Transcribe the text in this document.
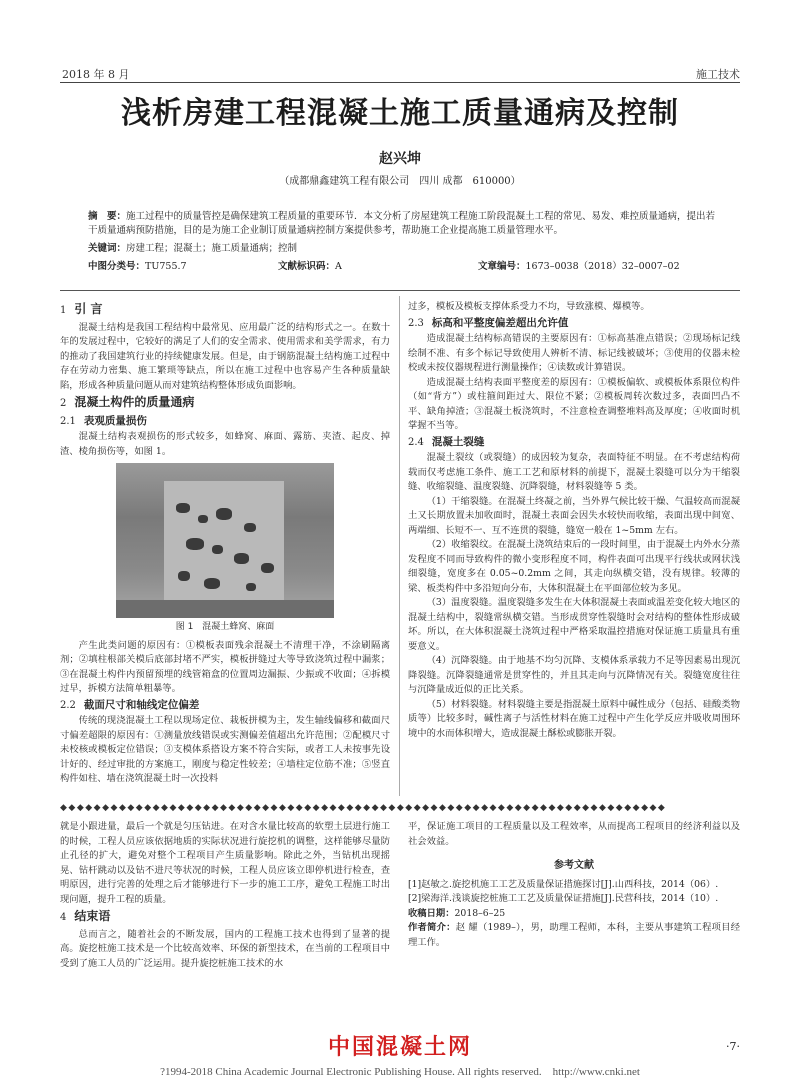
2018 年 8 月	施工技术
浅析房建工程混凝土施工质量通病及控制
赵兴坤
（成都鼎鑫建筑工程有限公司　四川 成都　610000）
摘　要：施工过程中的质量管控是确保建筑工程质量的重要环节．本文分析了房屋建筑工程施工阶段混凝土工程的常见、易发、难控质量通病，提出若干质量通病预防措施，目的是为施工企业制订质量通病控制方案提供参考，帮助施工企业提高施工质量管理水平。
关键词：房建工程；混凝土；施工质量通病；控制
中图分类号：TU755.7	文献标识码：A	文章编号：1673–0038（2018）32–0007–02
1 引 言

混凝土结构是我国工程结构中最常见、应用最广泛的结构形式之一。在数十年的发展过程中，它较好的满足了人们的安全需求、使用需求和美学需求，有力的推动了我国建筑行业的持续健康发展。但是，由于钢筋混凝土结构施工过程中存在劳动力密集、施工繁琐等缺点，所以在施工过程中也容易产生各种质量缺陷，形成各种质量问题从而对建筑结构整体形成负面影响。

2 混凝土构件的质量通病
2.1 表观质量损伤

混凝土结构表观损伤的形式较多，如蜂窝、麻面、露筋、夹渣、起皮、掉渣、棱角损伤等，如图 1。

图 1　混凝土蜂窝、麻面

产生此类问题的原因有：①模板表面残余混凝土不清理干净，不涂刷隔离剂；②填柱根部关模后底部封堵不严实，模板拼缝过大等导致浇筑过程中漏浆；③在混凝土构件内预留预埋的线管箱盒的位置周边漏振、少振或不收面；④拆模过早，拆模方法简单粗暴等。

2.2 截面尺寸和轴线定位偏差

传统的现浇混凝土工程以现场定位、栽板拼模为主，发生轴线偏移和截面尺寸偏差超限的原因有：①测量放线错误或实测偏差值超出允许范围；②配模尺寸未校核或模板定位错误；③支模体系搭设方案不符合实际，或者工人未按事先设计好的、经过审批的方案施工，刚度与稳定性较差；④墙柱定位筋不准；⑤竖直构件如柱、墙在浇筑混凝土时一次投料

过多，模板及模板支撑体系受力不均，导致涨模、爆模等。

2.3 标高和平整度偏差超出允许值

造成混凝土结构标高错误的主要原因有：①标高基准点错误；②现场标记线绘制不准、有多个标记导致使用人辨析不清、标记线被破坏；③使用的仪器未检校或未按仪器规程进行测量操作；④读数或计算错误。

造成混凝土结构表面平整度差的原因有：①模板偏软、或模板体系限位构件（如“背方”）或柱箍间距过大、限位不紧；②模板周转次数过多，表面凹凸不平、缺角掉渣；③混凝土板浇筑时，不注意检查调整堆料高及厚度；④收面时机掌握不当等。

2.4 混凝土裂缝

混凝土裂纹（或裂缝）的成因较为复杂，表面特征不明显。在不考虑结构荷载而仅考虑施工条件、施工工艺和原材料的前提下，混凝土裂缝可以分为干缩裂缝、收缩裂缝、温度裂缝、沉降裂缝，材料裂缝等 5 类。

（1）干缩裂缝。在混凝土终凝之前，当外界气候比较干燥、气温较高而混凝土又长期放置未加收面时，混凝土表面会因失水较快而收缩，表面出现中间宽、两端细、长短不一、互不连贯的裂缝，缝宽一般在 1~5mm 左右。

（2）收缩裂纹。在混凝土浇筑结束后的一段时间里，由于混凝土内外水分蒸发程度不同而导致构件的微小变形程度不同，构件表面可出现平行线状或网状浅细裂缝，宽度多在 0.05~0.2mm 之间，其走向纵横交错，没有规律。较薄的梁、板类构件中多沿短向分布，大体积混凝土在平面部位较为多见。

（3）温度裂缝。温度裂缝多发生在大体积混凝土表面或温差变化较大地区的混凝土结构中，裂缝常纵横交错。当形成贯穿性裂缝时会对结构的整体性形成破坏。所以，在大体积混凝土浇筑过程中严格采取温控措施对保证施工质量具有重要意义。

（4）沉降裂缝。由于地基不均匀沉降、支模体系承载力不足等因素易出现沉降裂缝。沉降裂缝通常是贯穿性的，并且其走向与沉降情况有关。裂缝宽度往往与沉降量成近似的正比关系。

（5）材料裂缝。材料裂缝主要是指混凝土原料中碱性成分（包括、硅酸类物质等）比较多时，碱性离子与活性材料在施工过程中产生化学反应并吸收周围环境中的水而体积增大，造成混凝土酥松或膨胀开裂。

◆◆◆◆◆◆◆◆◆◆◆◆◆◆◆◆◆◆◆◆◆◆◆◆◆◆◆◆◆◆◆◆◆◆◆◆◆◆◆◆◆◆◆◆◆◆◆◆◆◆◆◆◆◆◆◆◆◆◆◆◆◆◆◆◆◆◆◆◆◆◆◆

就是小跟进量，最后一个就是匀压钻进。在对含水量比较高的软塑土层进行施工的时候，工程人员应该依据地质的实际状况进行旋挖机的调整，这样能够尽量防止孔径的扩大，避免对整个工程项目产生质量影响。除此之外，当钻机出现摇晃、钻杆跳动以及钻不进尺等状况的时候，工程人员应该立即停机进行检查，查明原因，进行完善的处理之后才能够进行下一步的施工工序，避免工程施工时出现问题，提升工程的质量。

4 结束语

总而言之，随着社会的不断发展，国内的工程施工技术也得到了显著的提高。旋挖桩施工技术是一个比较高效率、环保的新型技术，在当前的工程项目中受到了施工人员的广泛运用。提升旋挖桩施工技术的水

平，保证施工项目的工程质量以及工程效率，从而提高工程项目的经济利益以及社会效益。

参考文献

[1]赵敏之.旋挖机施工工艺及质量保证措施探讨[J].山西科技，2014（06）.

[2]梁海洋.浅谈旋挖桩施工工艺及质量保证措施[J].民营科技，2014（10）.

收稿日期：2018–6–25

作者简介：赵 耀（1989–），男，助理工程师，本科，主要从事建筑工程项目经理工作。

·7·
中国混凝土网
?1994-2018 China Academic Journal Electronic Publishing House. All rights reserved.　http://www.cnki.net
